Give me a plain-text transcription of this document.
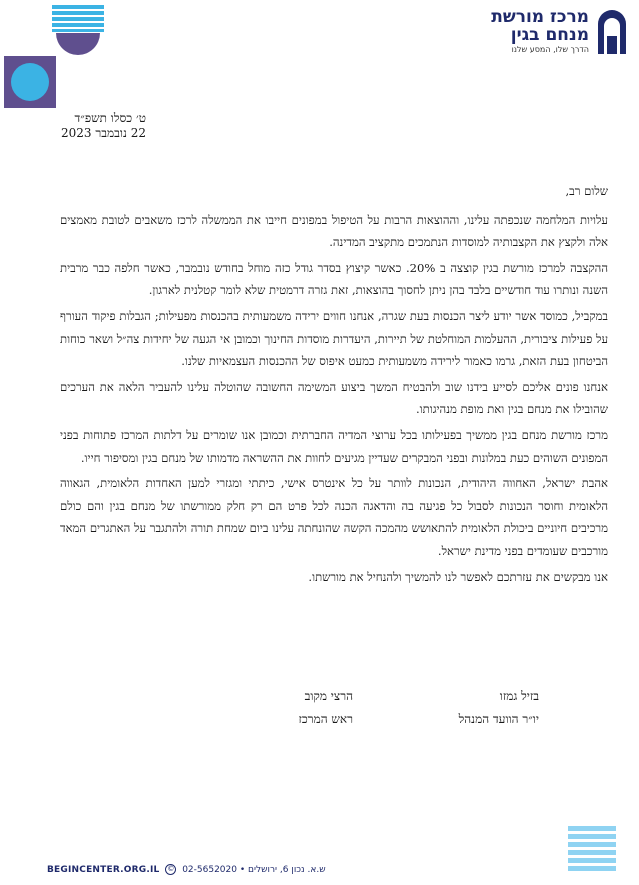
מרכז מורשת
מנחם בגין
הדרך שלו, המסע שלנו
ט׳ כסלו תשפ״ד
22 נובמבר 2023

שלום רב,

עלויות המלחמה שנכפתה עלינו, וההוצאות הרבות על הטיפול במפונים חייבו את הממשלה לרכז משאבים לטובת מאמצים אלה ולקצץ את הקצבותיה למוסדות הנתמכים מתקציב המדינה.

ההקצבה למרכז מורשת בגין קוצצה ב 20%. כאשר קיצוץ בסדר גודל כזה מוחל בחודש נובמבר, כאשר חלפה כבר מרבית השנה ונותרו עוד חודשיים בלבד בהן ניתן לחסוך בהוצאות, זאת גזרה דרמטית שלא לומר קטלנית לארגון.

במקביל, כמוסד אשר יודע ליצר הכנסות בעת שגרה, אנחנו חווים ירידה משמעותית בהכנסות מפעילות; הגבלות פיקוד העורף על פעילות ציבורית, ההעלמות המוחלטת של תיירות, היעדרות מוסדות החינוך וכמובן אי הגעה של יחידות צה״ל ושאר כוחות הביטחון בעת הזאת, גרמו כאמור לירידה משמעותית כמעט איפוס של ההכנסות העצמאיות שלנו.

אנחנו פונים אליכם לסייע בידנו שוב ולהבטיח המשך ביצוע המשימה החשובה שהוטלה עלינו להעביר הלאה את הערכים שהובילו את מנחם בגין ואת מופת מנהיגותו.

מרכז מורשת מנחם בגין ממשיך בפעילותו בכל ערוצי המדיה החברתית וכמובן אנו שומרים על דלתות המרכז פתוחות בפני המפונים השוהים כעת במלונות ובפני המבקרים שעדיין מגיעים לחוות את ההשראה מדמותו של מנחם בגין ומסיפור חייו.

אהבת ישראל, האחווה היהודית, הנכונות לוותר על כל אינטרס אישי, כיתתי ומגזרי למען האחדות הלאומית, הגאווה הלאומית וחוסר הנכונות לסבול כל פגיעה בה והדאגה הכנה לכל פרט הם רק חלק ממורשתו של מנחם בגין והם כולם מרכיבים חיוניים ביכולת הלאומית להתאושש מהמכה הקשה שהונחתה עלינו ביום שמחת תורה ולהתגבר על האתגרים המאד מורכבים שעומדים בפני מדינת ישראל.

אנו מבקשים את עזרתכם לאפשר לנו להמשיך ולהנחיל את מורשתו.

בזיל גמזו
יו״ר הוועד המנהל
הרצי מקוב
ראש המרכז
BEGINCENTER.ORG.IL © 02-5652020 • ש.א. נכון 6, ירושלים
